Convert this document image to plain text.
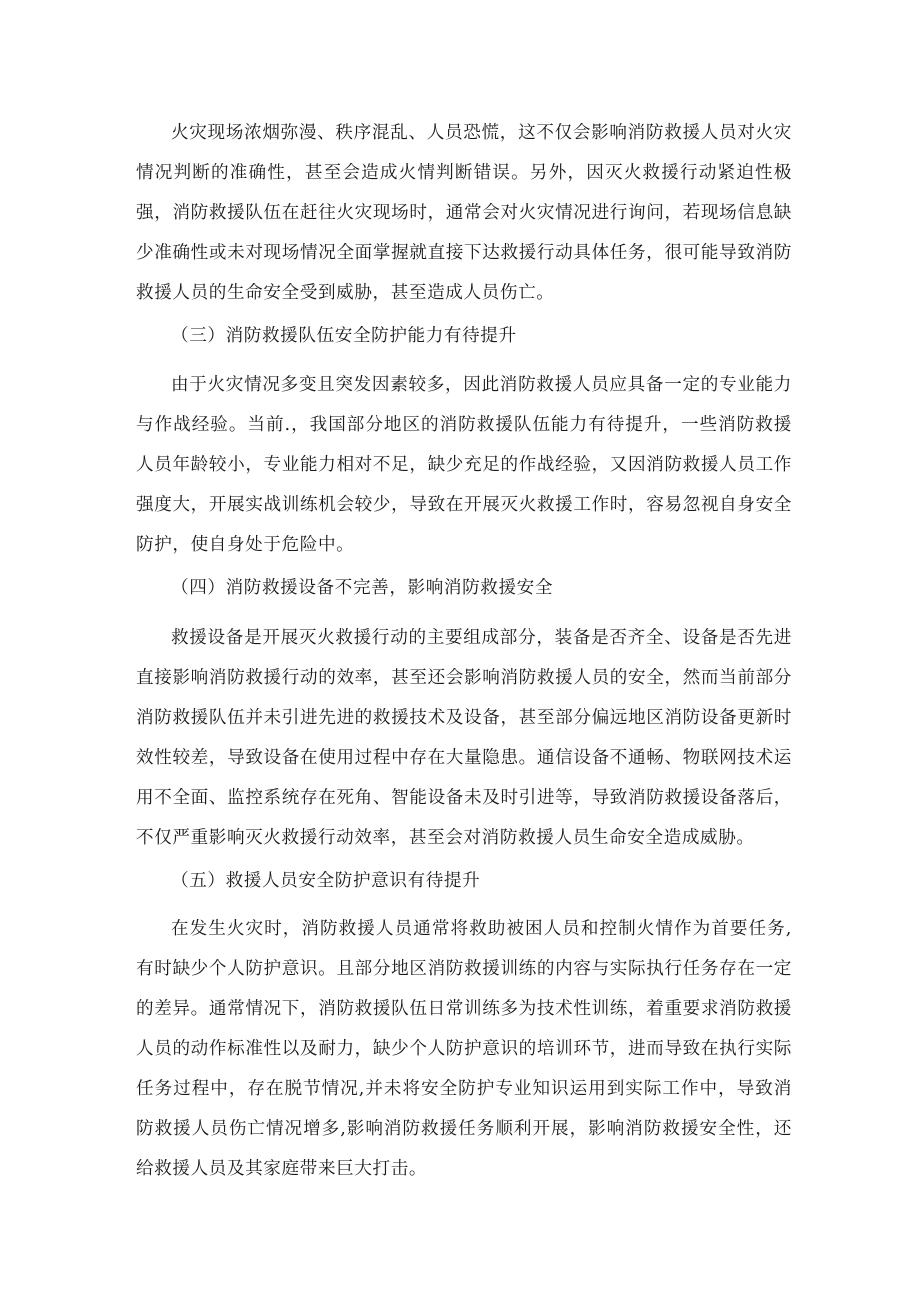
火灾现场浓烟弥漫、秩序混乱、人员恐慌，这不仅会影响消防救援人员对火灾情况判断的准确性，甚至会造成火情判断错误。另外，因灭火救援行动紧迫性极强，消防救援队伍在赶往火灾现场时，通常会对火灾情况进行询问，若现场信息缺少准确性或未对现场情况全面掌握就直接下达救援行动具体任务，很可能导致消防救援人员的生命安全受到威胁，甚至造成人员伤亡。

（三）消防救援队伍安全防护能力有待提升

由于火灾情况多变且突发因素较多，因此消防救援人员应具备一定的专业能力与作战经验。当前.，我国部分地区的消防救援队伍能力有待提升，一些消防救援人员年龄较小，专业能力相对不足，缺少充足的作战经验，又因消防救援人员工作强度大，开展实战训练机会较少，导致在开展灭火救援工作时，容易忽视自身安全防护，使自身处于危险中。

（四）消防救援设备不完善，影响消防救援安全

救援设备是开展灭火救援行动的主要组成部分，装备是否齐全、设备是否先进直接影响消防救援行动的效率，甚至还会影响消防救援人员的安全，然而当前部分消防救援队伍并未引进先进的救援技术及设备，甚至部分偏远地区消防设备更新时效性较差，导致设备在使用过程中存在大量隐患。通信设备不通畅、物联网技术运用不全面、监控系统存在死角、智能设备未及时引进等，导致消防救援设备落后，不仅严重影响灭火救援行动效率，甚至会对消防救援人员生命安全造成威胁。

（五）救援人员安全防护意识有待提升

在发生火灾时，消防救援人员通常将救助被困人员和控制火情作为首要任务,有时缺少个人防护意识。且部分地区消防救援训练的内容与实际执行任务存在一定的差异。通常情况下，消防救援队伍日常训练多为技术性训练，着重要求消防救援人员的动作标准性以及耐力，缺少个人防护意识的培训环节，进而导致在执行实际任务过程中，存在脱节情况,并未将安全防护专业知识运用到实际工作中，导致消防救援人员伤亡情况增多,影响消防救援任务顺利开展，影响消防救援安全性，还给救援人员及其家庭带来巨大打击。
